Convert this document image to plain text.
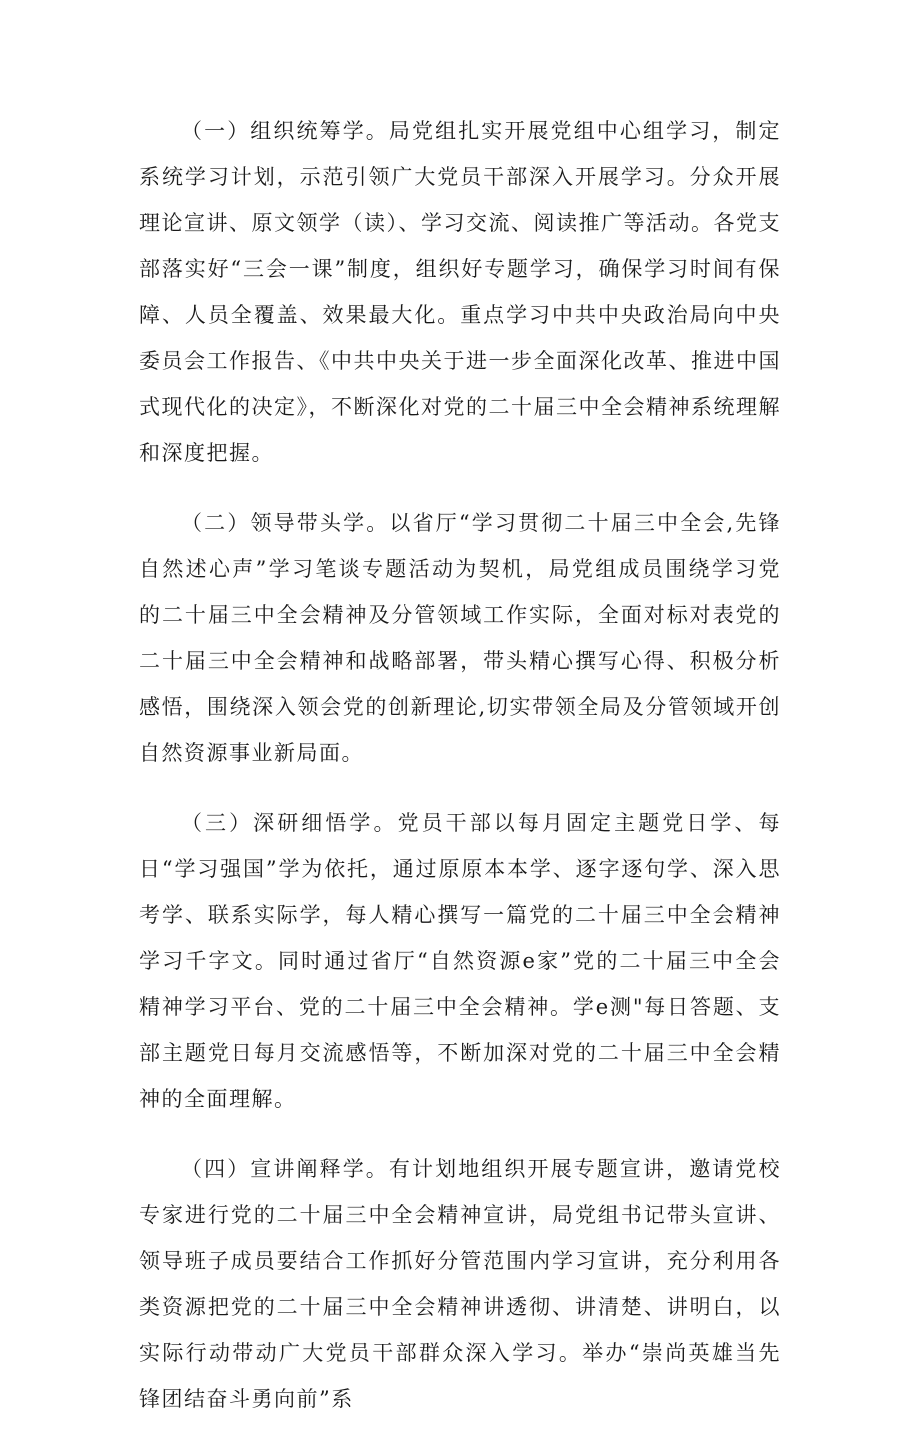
（一）组织统筹学。局党组扎实开展党组中心组学习，制定系统学习计划，示范引领广大党员干部深入开展学习。分众开展理论宣讲、原文领学（读）、学习交流、阅读推广等活动。各党支部落实好“三会一课”制度，组织好专题学习，确保学习时间有保障、人员全覆盖、效果最大化。重点学习中共中央政治局向中央委员会工作报告、《中共中央关于进一步全面深化改革、推进中国式现代化的决定》，不断深化对党的二十届三中全会精神系统理解和深度把握。

（二）领导带头学。以省厅“学习贯彻二十届三中全会,先锋自然述心声”学习笔谈专题活动为契机，局党组成员围绕学习党的二十届三中全会精神及分管领域工作实际，全面对标对表党的二十届三中全会精神和战略部署，带头精心撰写心得、积极分析感悟，围绕深入领会党的创新理论,切实带领全局及分管领域开创自然资源事业新局面。

（三）深研细悟学。党员干部以每月固定主题党日学、每日“学习强国”学为依托，通过原原本本学、逐字逐句学、深入思考学、联系实际学，每人精心撰写一篇党的二十届三中全会精神学习千字文。同时通过省厅“自然资源e家”党的二十届三中全会精神学习平台、党的二十届三中全会精神。学e测"每日答题、支部主题党日每月交流感悟等，不断加深对党的二十届三中全会精神的全面理解。

（四）宣讲阐释学。有计划地组织开展专题宣讲，邀请党校专家进行党的二十届三中全会精神宣讲，局党组书记带头宣讲、领导班子成员要结合工作抓好分管范围内学习宣讲，充分利用各类资源把党的二十届三中全会精神讲透彻、讲清楚、讲明白，以实际行动带动广大党员干部群众深入学习。举办“崇尚英雄当先锋团结奋斗勇向前”系
